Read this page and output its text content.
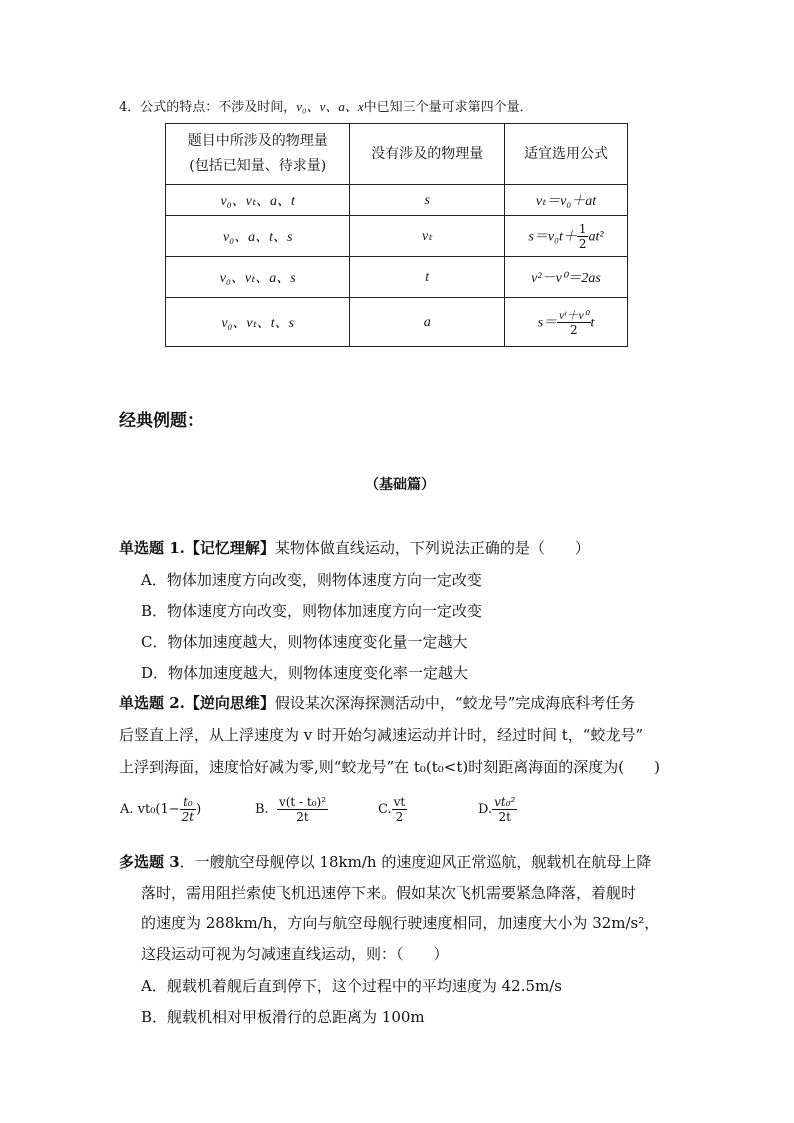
4．公式的特点：不涉及时间，v₀、v、a、x中已知三个量可求第四个量．
题目中所涉及的物理量
(包括已知量、待求量)	没有涉及的物理量	适宜选用公式
v₀、vₜ、a、t	s	vₜ＝v₀＋at
v₀、a、t、s	vₜ	$s=v_0t+ \frac{1}{2} at^2$
v₀、vₜ、a、s	t	v²－v⁰＝2as
v₀、vₜ、t、s	a	$s= \frac{\text{vᵗ＋v⁰}}{2}$ t
经典例题：
（基础篇）
单选题 1.【记忆理解】某物体做直线运动，下列说法正确的是（　　）
A．物体加速度方向改变，则物体速度方向一定改变
B．物体速度方向改变，则物体加速度方向一定改变
C．物体加速度越大，则物体速度变化量一定越大
D．物体加速度越大，则物体速度变化率一定越大
单选题 2.【逆向思维】假设某次深海探测活动中，“蛟龙号”完成海底科考任务
后竖直上浮，从上浮速度为 v 时开始匀减速运动并计时，经过时间 t，“蛟龙号”
上浮到海面，速度恰好减为零,则“蛟龙号”在 t₀(t₀<t)时刻距离海面的深度为(　　)
A. $vt_0(1- \frac{\text{t₀}}{2t}$ )	B. $\frac{\text{v(t - t₀)²}}{2t}$	C. $\frac{vt}{2}$	D. $\frac{\text{vt₀²}}{2t}$
多选题 3．一艘航空母舰停以 18km/h 的速度迎风正常巡航，舰载机在航母上降
落时，需用阻拦索使飞机迅速停下来。假如某次飞机需要紧急降落，着舰时
的速度为 288km/h，方向与航空母舰行驶速度相同，加速度大小为 32m/s²，
这段运动可视为匀减速直线运动，则：（　　）
A．舰载机着舰后直到停下，这个过程中的平均速度为 42.5m/s
B．舰载机相对甲板滑行的总距离为 100m
